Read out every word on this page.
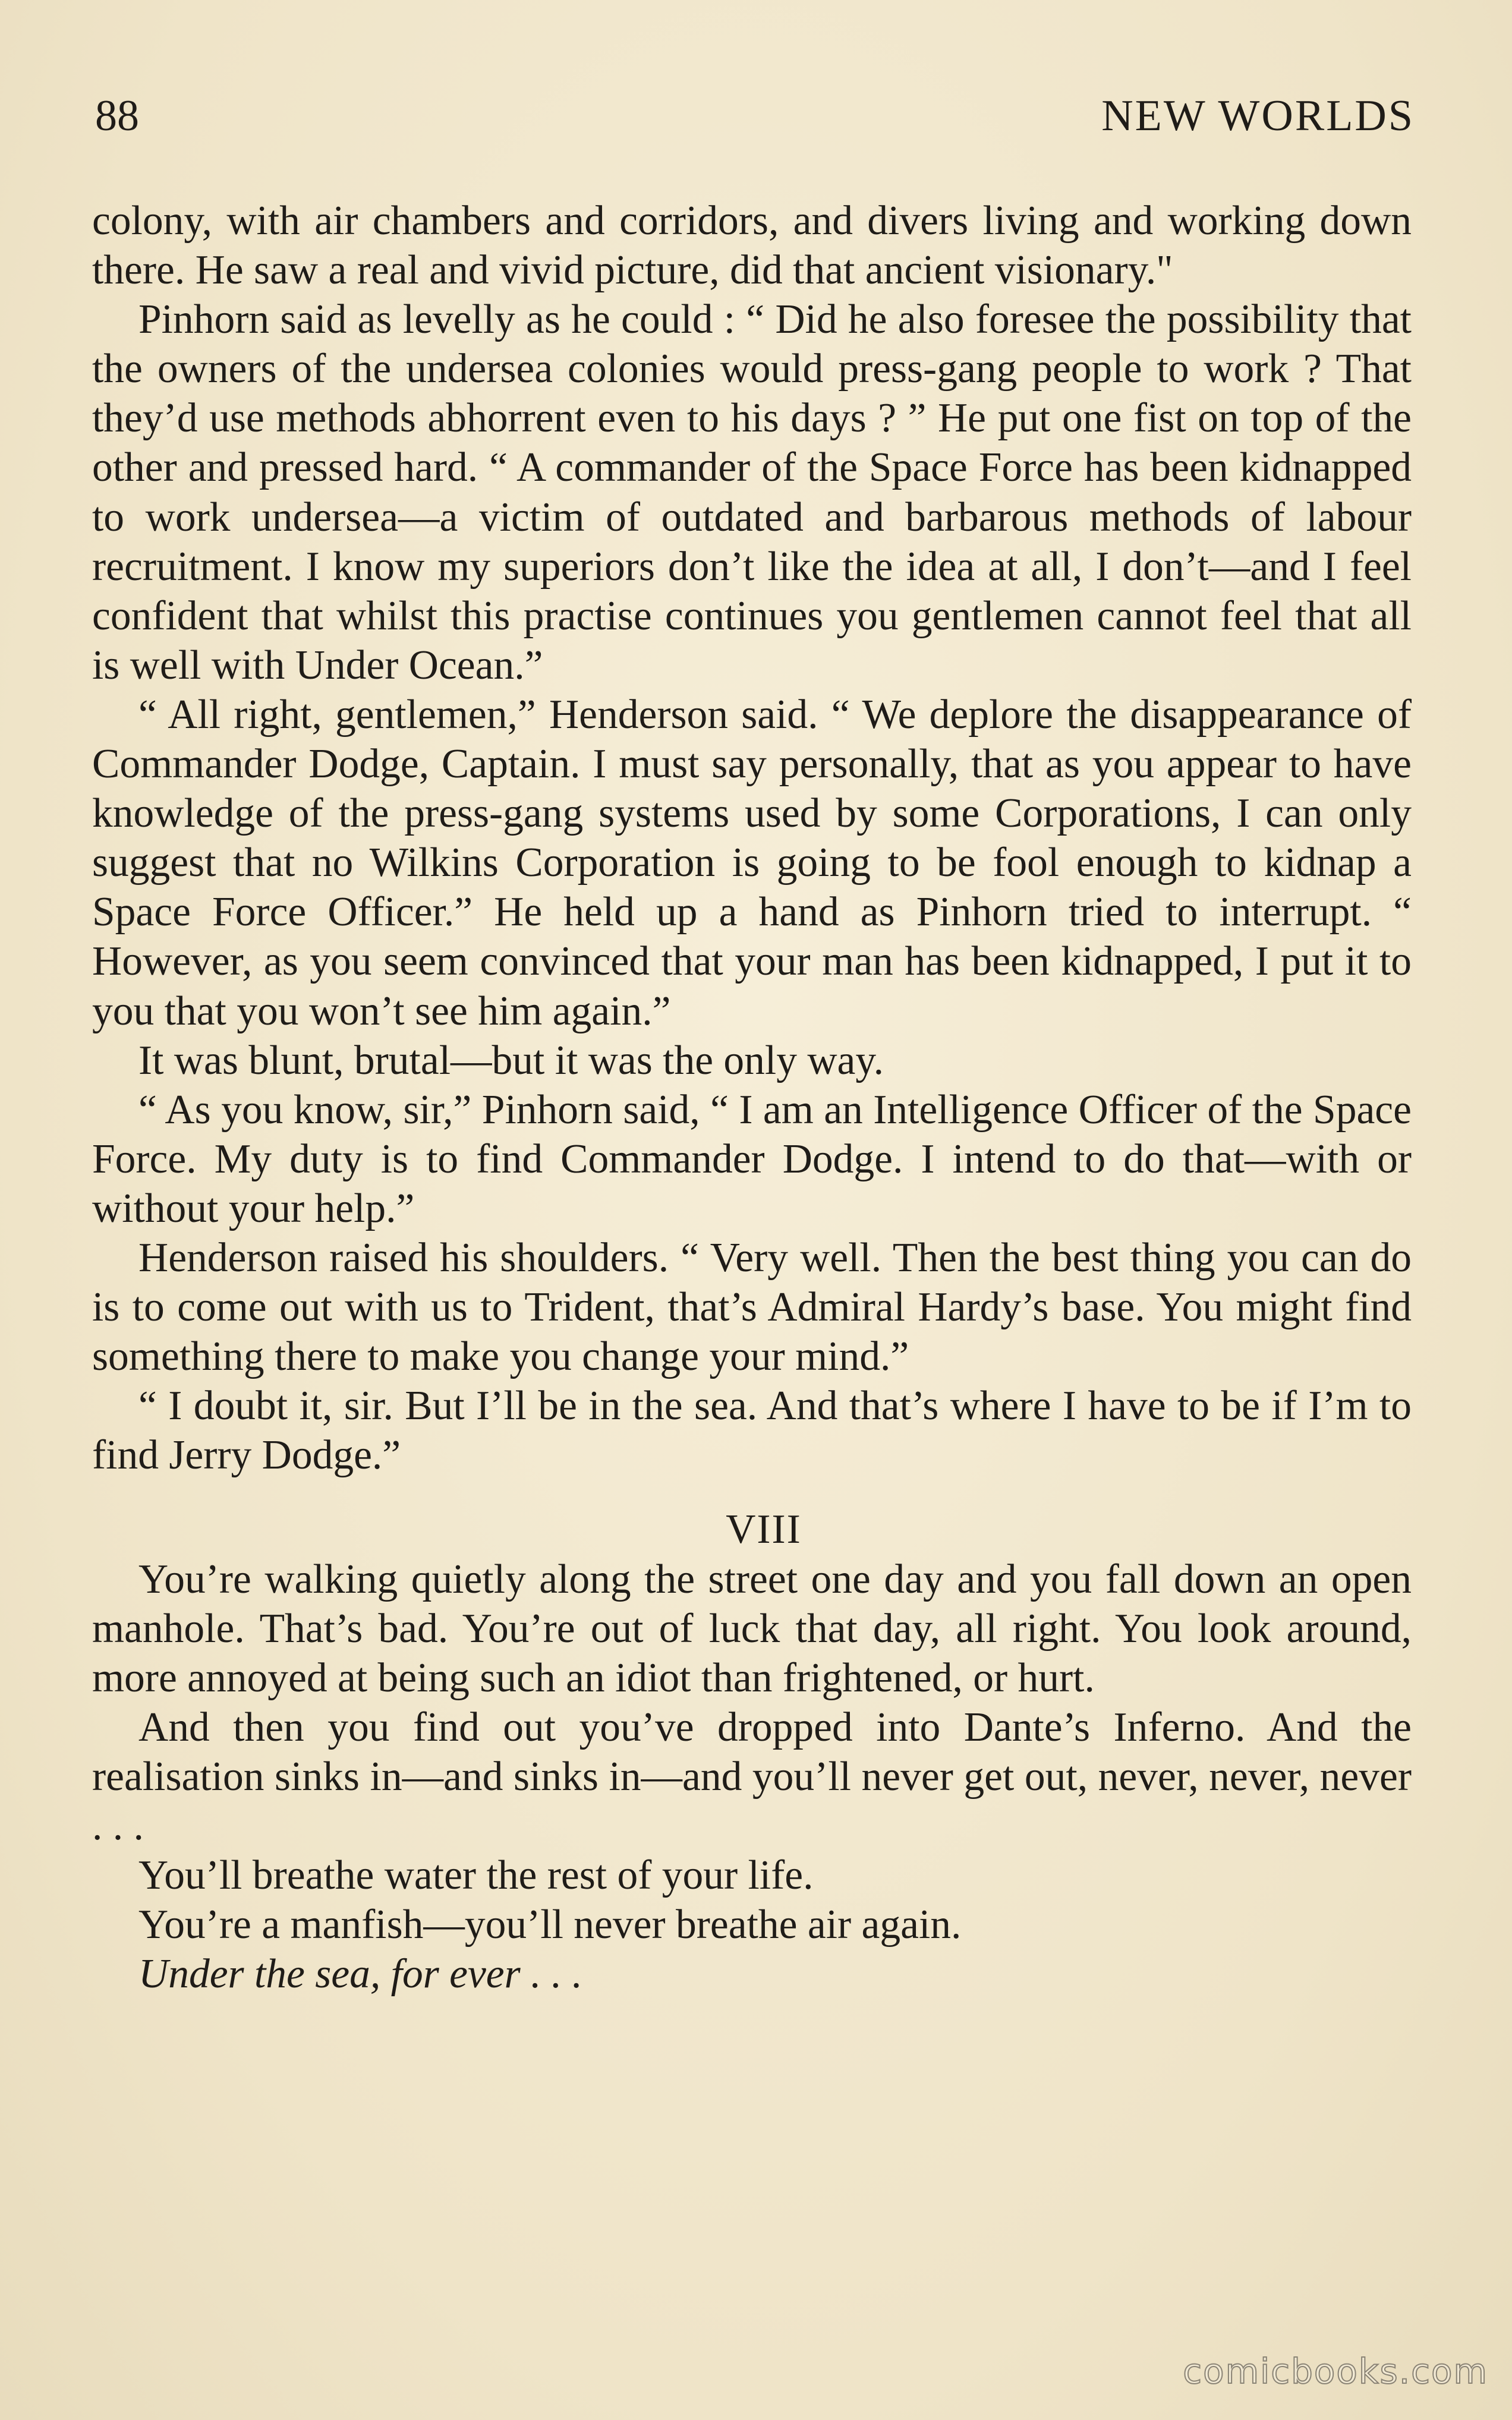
88	NEW WORLDS

colony, with air chambers and corridors, and divers living and working down there. He saw a real and vivid picture, did that ancient visionary."

Pinhorn said as levelly as he could : “ Did he also foresee the possibility that the owners of the undersea colonies would press-gang people to work ? That they’d use methods abhorrent even to his days ? ” He put one fist on top of the other and pressed hard. “ A commander of the Space Force has been kidnapped to work undersea—a victim of outdated and barbarous methods of labour recruitment. I know my superiors don’t like the idea at all, I don’t—and I feel confident that whilst this practise continues you gentlemen cannot feel that all is well with Under Ocean.”

“ All right, gentlemen,” Henderson said. “ We deplore the disappearance of Commander Dodge, Captain. I must say personally, that as you appear to have knowledge of the press-gang systems used by some Corporations, I can only suggest that no Wilkins Corporation is going to be fool enough to kidnap a Space Force Officer.” He held up a hand as Pinhorn tried to interrupt. “ However, as you seem convinced that your man has been kidnapped, I put it to you that you won’t see him again.”

It was blunt, brutal—but it was the only way.

“ As you know, sir,” Pinhorn said, “ I am an Intelligence Officer of the Space Force. My duty is to find Commander Dodge. I intend to do that—with or without your help.”

Henderson raised his shoulders. “ Very well. Then the best thing you can do is to come out with us to Trident, that’s Admiral Hardy’s base. You might find something there to make you change your mind.”

“ I doubt it, sir. But I’ll be in the sea. And that’s where I have to be if I’m to find Jerry Dodge.”

VIII

You’re walking quietly along the street one day and you fall down an open manhole. That’s bad. You’re out of luck that day, all right. You look around, more annoyed at being such an idiot than frightened, or hurt.

And then you find out you’ve dropped into Dante’s Inferno. And the realisation sinks in—and sinks in—and you’ll never get out, never, never, never . . .

You’ll breathe water the rest of your life.

You’re a manfish—you’ll never breathe air again.

Under the sea, for ever . . .

comicbooks.com
